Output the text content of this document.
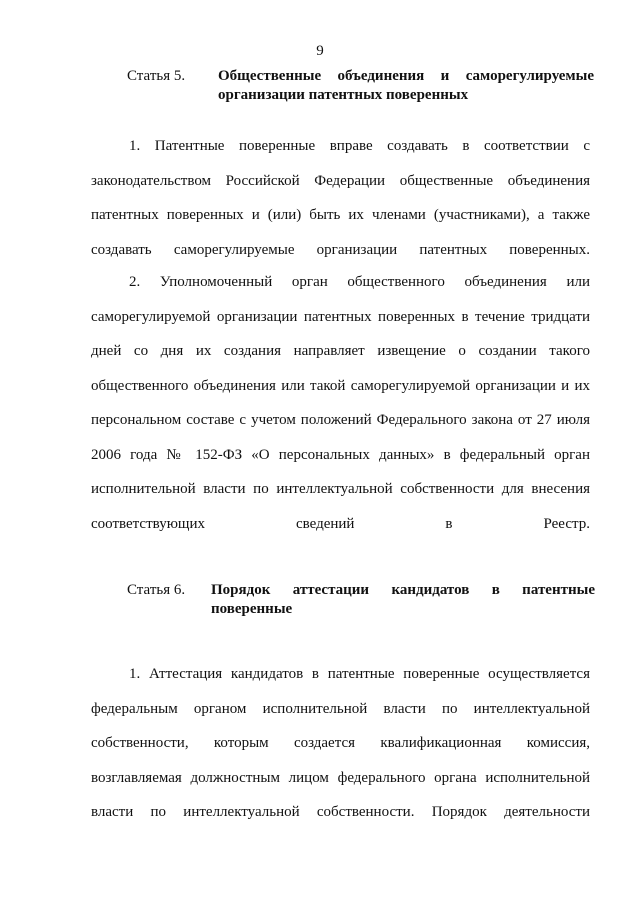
9
Статья 5. Общественные объединения и саморегулируемые
организации патентных поверенных
1. Патентные поверенные вправе создавать в соответствии с
законодательством Российской Федерации общественные объединения
патентных поверенных и (или) быть их членами (участниками), а также
создавать саморегулируемые организации патентных поверенных.
2. Уполномоченный орган общественного объединения или
саморегулируемой организации патентных поверенных в течение тридцати
дней со дня их создания направляет извещение о создании такого
общественного объединения или такой саморегулируемой организации и их
персональном составе с учетом положений Федерального закона от 27 июля
2006 года № 152-ФЗ «О персональных данных» в федеральный орган
исполнительной власти по интеллектуальной собственности для внесения
соответствующих сведений в Реестр.
Статья 6. Порядок аттестации кандидатов в патентные
поверенные
1. Аттестация кандидатов в патентные поверенные осуществляется
федеральным органом исполнительной власти по интеллектуальной
собственности, которым создается квалификационная комиссия,
возглавляемая должностным лицом федерального органа исполнительной
власти по интеллектуальной собственности. Порядок деятельности
